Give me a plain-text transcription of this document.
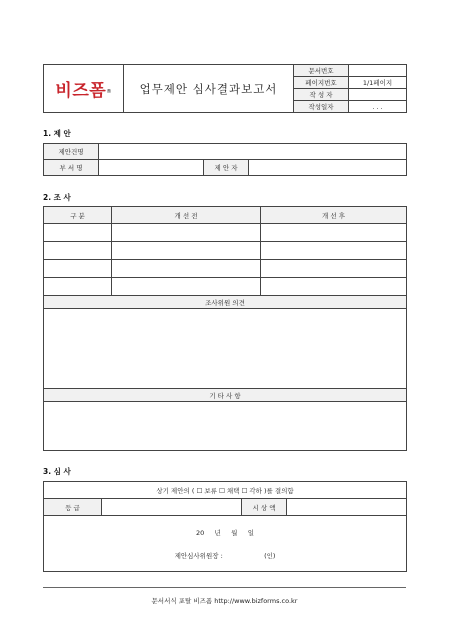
비즈폼®	업무제안 심사결과보고서	문서번호	
		페이지번호	1/1페이지
		작 성 자	
		작성일자	. . .
1. 제 안
제안건명			
부 서 명		제 안 자	
2. 조 사
구 분	개 선 전	개 선 후

조사위원 의견		

기 타 사 항		

3. 심 사
상기 제안의 ( ☐ 보류 ☐ 채택 ☐ 각하 )를 결의함
등 급		시 상 액	

20     년     월     일
제안심사위원장 :                    (인)
문서서식 포탈 비즈폼 http://www.bizforms.co.kr
